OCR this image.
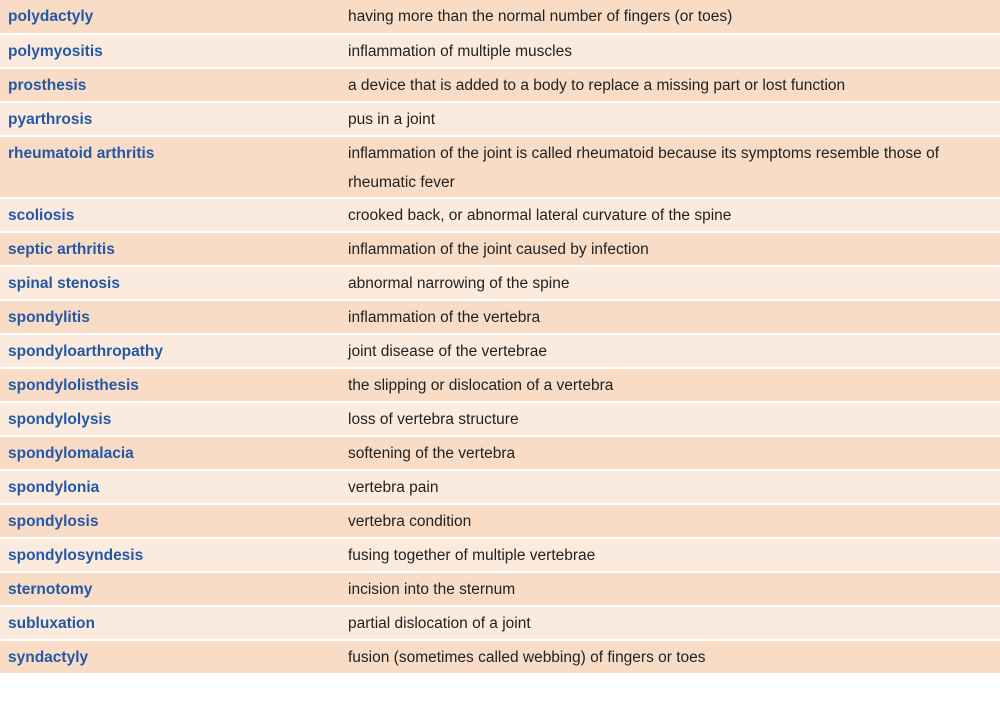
polydactyly	having more than the normal number of fingers (or toes)
polymyositis	inflammation of multiple muscles
prosthesis	a device that is added to a body to replace a missing part or lost function
pyarthrosis	pus in a joint
rheumatoid arthritis	inflammation of the joint is called rheumatoid because its symptoms resemble those of rheumatic fever
scoliosis	crooked back, or abnormal lateral curvature of the spine
septic arthritis	inflammation of the joint caused by infection
spinal stenosis	abnormal narrowing of the spine
spondylitis	inflammation of the vertebra
spondyloarthropathy	joint disease of the vertebrae
spondylolisthesis	the slipping or dislocation of a vertebra
spondylolysis	loss of vertebra structure
spondylomalacia	softening of the vertebra
spondylonia	vertebra pain
spondylosis	vertebra condition
spondylosyndesis	fusing together of multiple vertebrae
sternotomy	incision into the sternum
subluxation	partial dislocation of a joint
syndactyly	fusion (sometimes called webbing) of fingers or toes
